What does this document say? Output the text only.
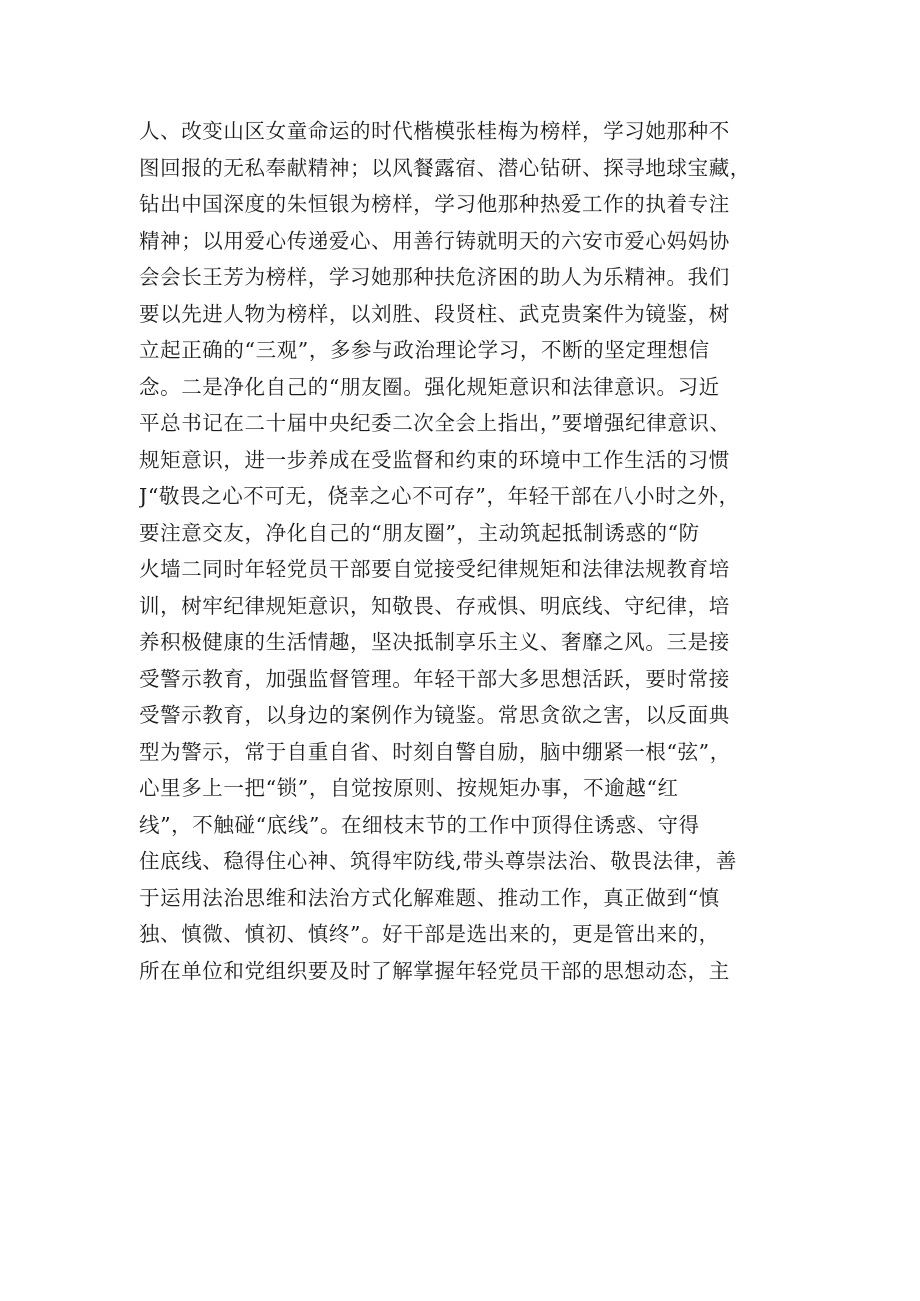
人、改变山区女童命运的时代楷模张桂梅为榜样，学习她那种不
图回报的无私奉献精神；以风餐露宿、潜心钻研、探寻地球宝藏，
钻出中国深度的朱恒银为榜样，学习他那种热爱工作的执着专注
精神；以用爱心传递爱心、用善行铸就明天的六安市爱心妈妈协
会会长王芳为榜样，学习她那种扶危济困的助人为乐精神。我们
要以先进人物为榜样，以刘胜、段贤柱、武克贵案件为镜鉴，树
立起正确的“三观”，多参与政治理论学习，不断的坚定理想信
念。二是净化自己的“朋友圈。强化规矩意识和法律意识。习近
平总书记在二十届中央纪委二次全会上指出，”要增强纪律意识、
规矩意识，进一步养成在受监督和约束的环境中工作生活的习惯
J“敬畏之心不可无，侥幸之心不可存”，年轻干部在八小时之外，
要注意交友，净化自己的“朋友圈”，主动筑起抵制诱惑的“防
火墙二同时年轻党员干部要自觉接受纪律规矩和法律法规教育培
训，树牢纪律规矩意识，知敬畏、存戒惧、明底线、守纪律，培
养积极健康的生活情趣，坚决抵制享乐主义、奢靡之风。三是接
受警示教育，加强监督管理。年轻干部大多思想活跃，要时常接
受警示教育，以身边的案例作为镜鉴。常思贪欲之害，以反面典
型为警示，常于自重自省、时刻自警自励，脑中绷紧一根“弦”，
心里多上一把“锁”，自觉按原则、按规矩办事，不逾越“红
线”，不触碰“底线”。在细枝末节的工作中顶得住诱惑、守得
住底线、稳得住心神、筑得牢防线,带头尊崇法治、敬畏法律，善
于运用法治思维和法治方式化解难题、推动工作，真正做到“慎
独、慎微、慎初、慎终”。好干部是选出来的，更是管出来的，
所在单位和党组织要及时了解掌握年轻党员干部的思想动态，主
